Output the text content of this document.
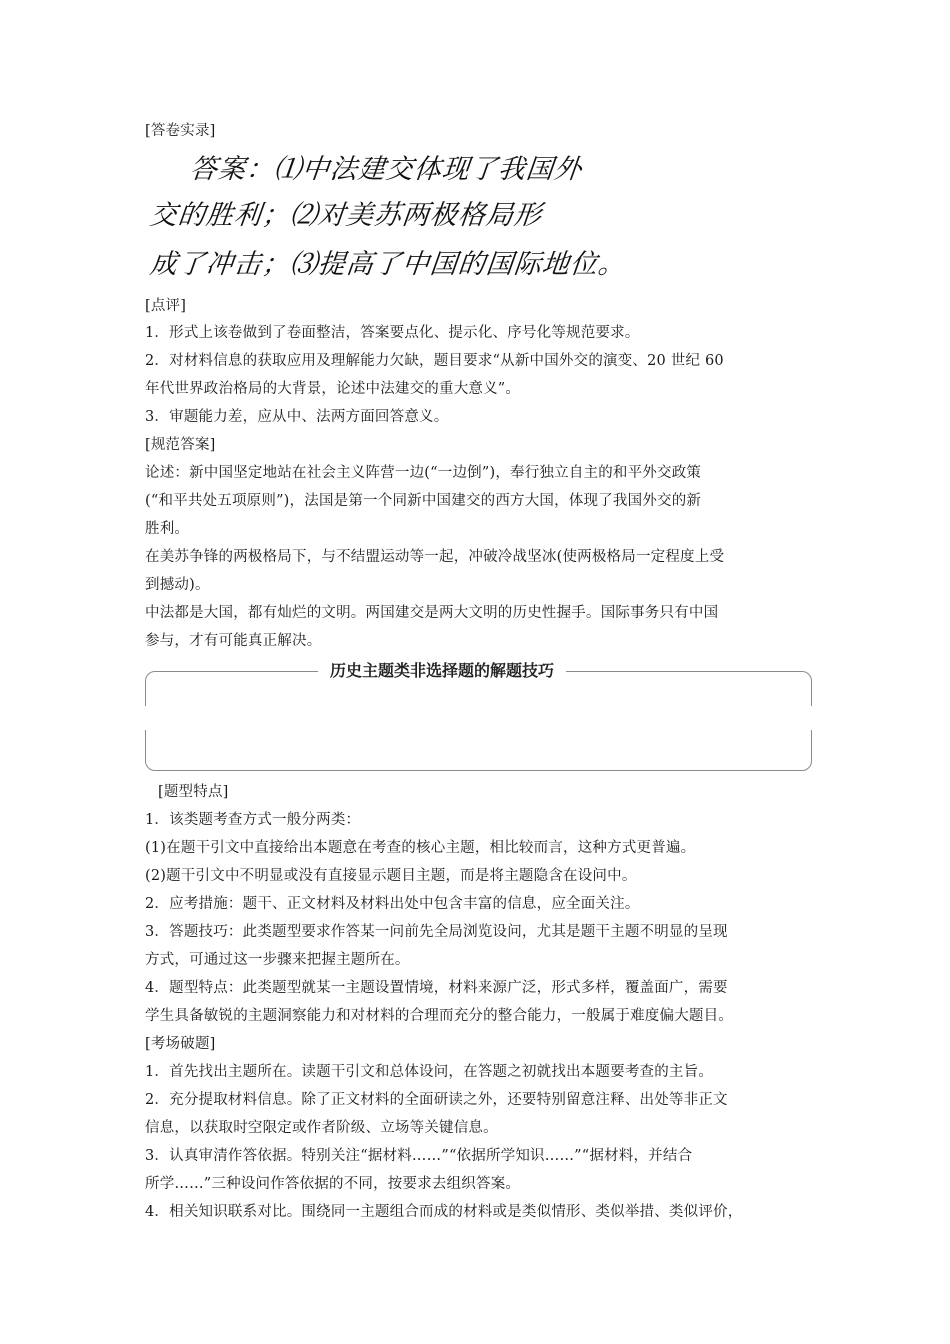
[答卷实录]
答案：⑴中法建交体现了我国外
交的胜利；⑵对美苏两极格局形
成了冲击；⑶提高了中国的国际地位。
[点评]
1．形式上该卷做到了卷面整洁，答案要点化、提示化、序号化等规范要求。
2．对材料信息的获取应用及理解能力欠缺，题目要求“从新中国外交的演变、20 世纪 60
年代世界政治格局的大背景，论述中法建交的重大意义”。
3．审题能力差，应从中、法两方面回答意义。
[规范答案]
论述：新中国坚定地站在社会主义阵营一边(“一边倒”)，奉行独立自主的和平外交政策
(“和平共处五项原则”)，法国是第一个同新中国建交的西方大国，体现了我国外交的新
胜利。
在美苏争锋的两极格局下，与不结盟运动等一起，冲破冷战坚冰(使两极格局一定程度上受
到撼动)。
中法都是大国，都有灿烂的文明。两国建交是两大文明的历史性握手。国际事务只有中国
参与，才有可能真正解决。
历史主题类非选择题的解题技巧
[题型特点]
1．该类题考查方式一般分两类：
(1)在题干引文中直接给出本题意在考查的核心主题，相比较而言，这种方式更普遍。
(2)题干引文中不明显或没有直接显示题目主题，而是将主题隐含在设问中。
2．应考措施：题干、正文材料及材料出处中包含丰富的信息，应全面关注。
3．答题技巧：此类题型要求作答某一问前先全局浏览设问，尤其是题干主题不明显的呈现
方式，可通过这一步骤来把握主题所在。
4．题型特点：此类题型就某一主题设置情境，材料来源广泛，形式多样，覆盖面广，需要
学生具备敏锐的主题洞察能力和对材料的合理而充分的整合能力，一般属于难度偏大题目。
[考场破题]
1．首先找出主题所在。读题干引文和总体设问，在答题之初就找出本题要考查的主旨。
2．充分提取材料信息。除了正文材料的全面研读之外，还要特别留意注释、出处等非正文
信息，以获取时空限定或作者阶级、立场等关键信息。
3．认真审清作答依据。特别关注“据材料……”“依据所学知识……”“据材料，并结合
所学……”三种设问作答依据的不同，按要求去组织答案。
4．相关知识联系对比。围绕同一主题组合而成的材料或是类似情形、类似举措、类似评价，
